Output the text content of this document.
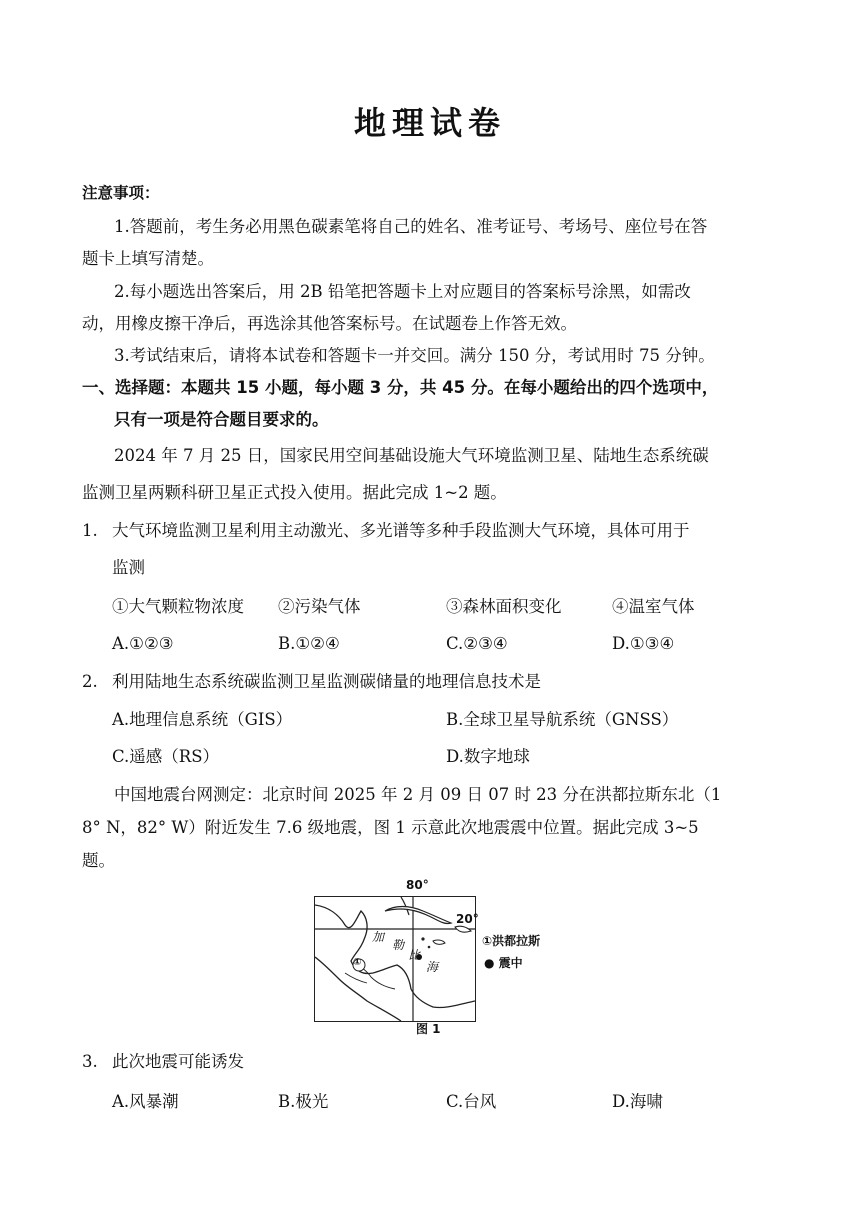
地理试卷
注意事项：
1.答题前，考生务必用黑色碳素笔将自己的姓名、准考证号、考场号、座位号在答
题卡上填写清楚。
2.每小题选出答案后，用 2B 铅笔把答题卡上对应题目的答案标号涂黑，如需改
动，用橡皮擦干净后，再选涂其他答案标号。在试题卷上作答无效。
3.考试结束后，请将本试卷和答题卡一并交回。满分 150 分，考试用时 75 分钟。
一、选择题：本题共 15 小题，每小题 3 分，共 45 分。在每小题给出的四个选项中，
只有一项是符合题目要求的。
2024 年 7 月 25 日，国家民用空间基础设施大气环境监测卫星、陆地生态系统碳
监测卫星两颗科研卫星正式投入使用。据此完成 1~2 题。
1. 大气环境监测卫星利用主动激光、多光谱等多种手段监测大气环境，具体可用于
监测
①大气颗粒物浓度 ②污染气体	③森林面积变化	④温室气体
A.①②③	B.①②④	C.②③④	D.①③④
2. 利用陆地生态系统碳监测卫星监测碳储量的地理信息技术是
A.地理信息系统（GIS）	B.全球卫星导航系统（GNSS）
C.遥感（RS）	D.数字地球
中国地震台网测定：北京时间 2025 年 2 月 09 日 07 时 23 分在洪都拉斯东北（1
8° N，82° W）附近发生 7.6 级地震，图 1 示意此次地震震中位置。据此完成 3~5
题。
80°
20°
加
勒
比
海
①
①洪都拉斯
● 震中
图 1
3. 此次地震可能诱发
A.风暴潮	B.极光	C.台风	D.海啸
